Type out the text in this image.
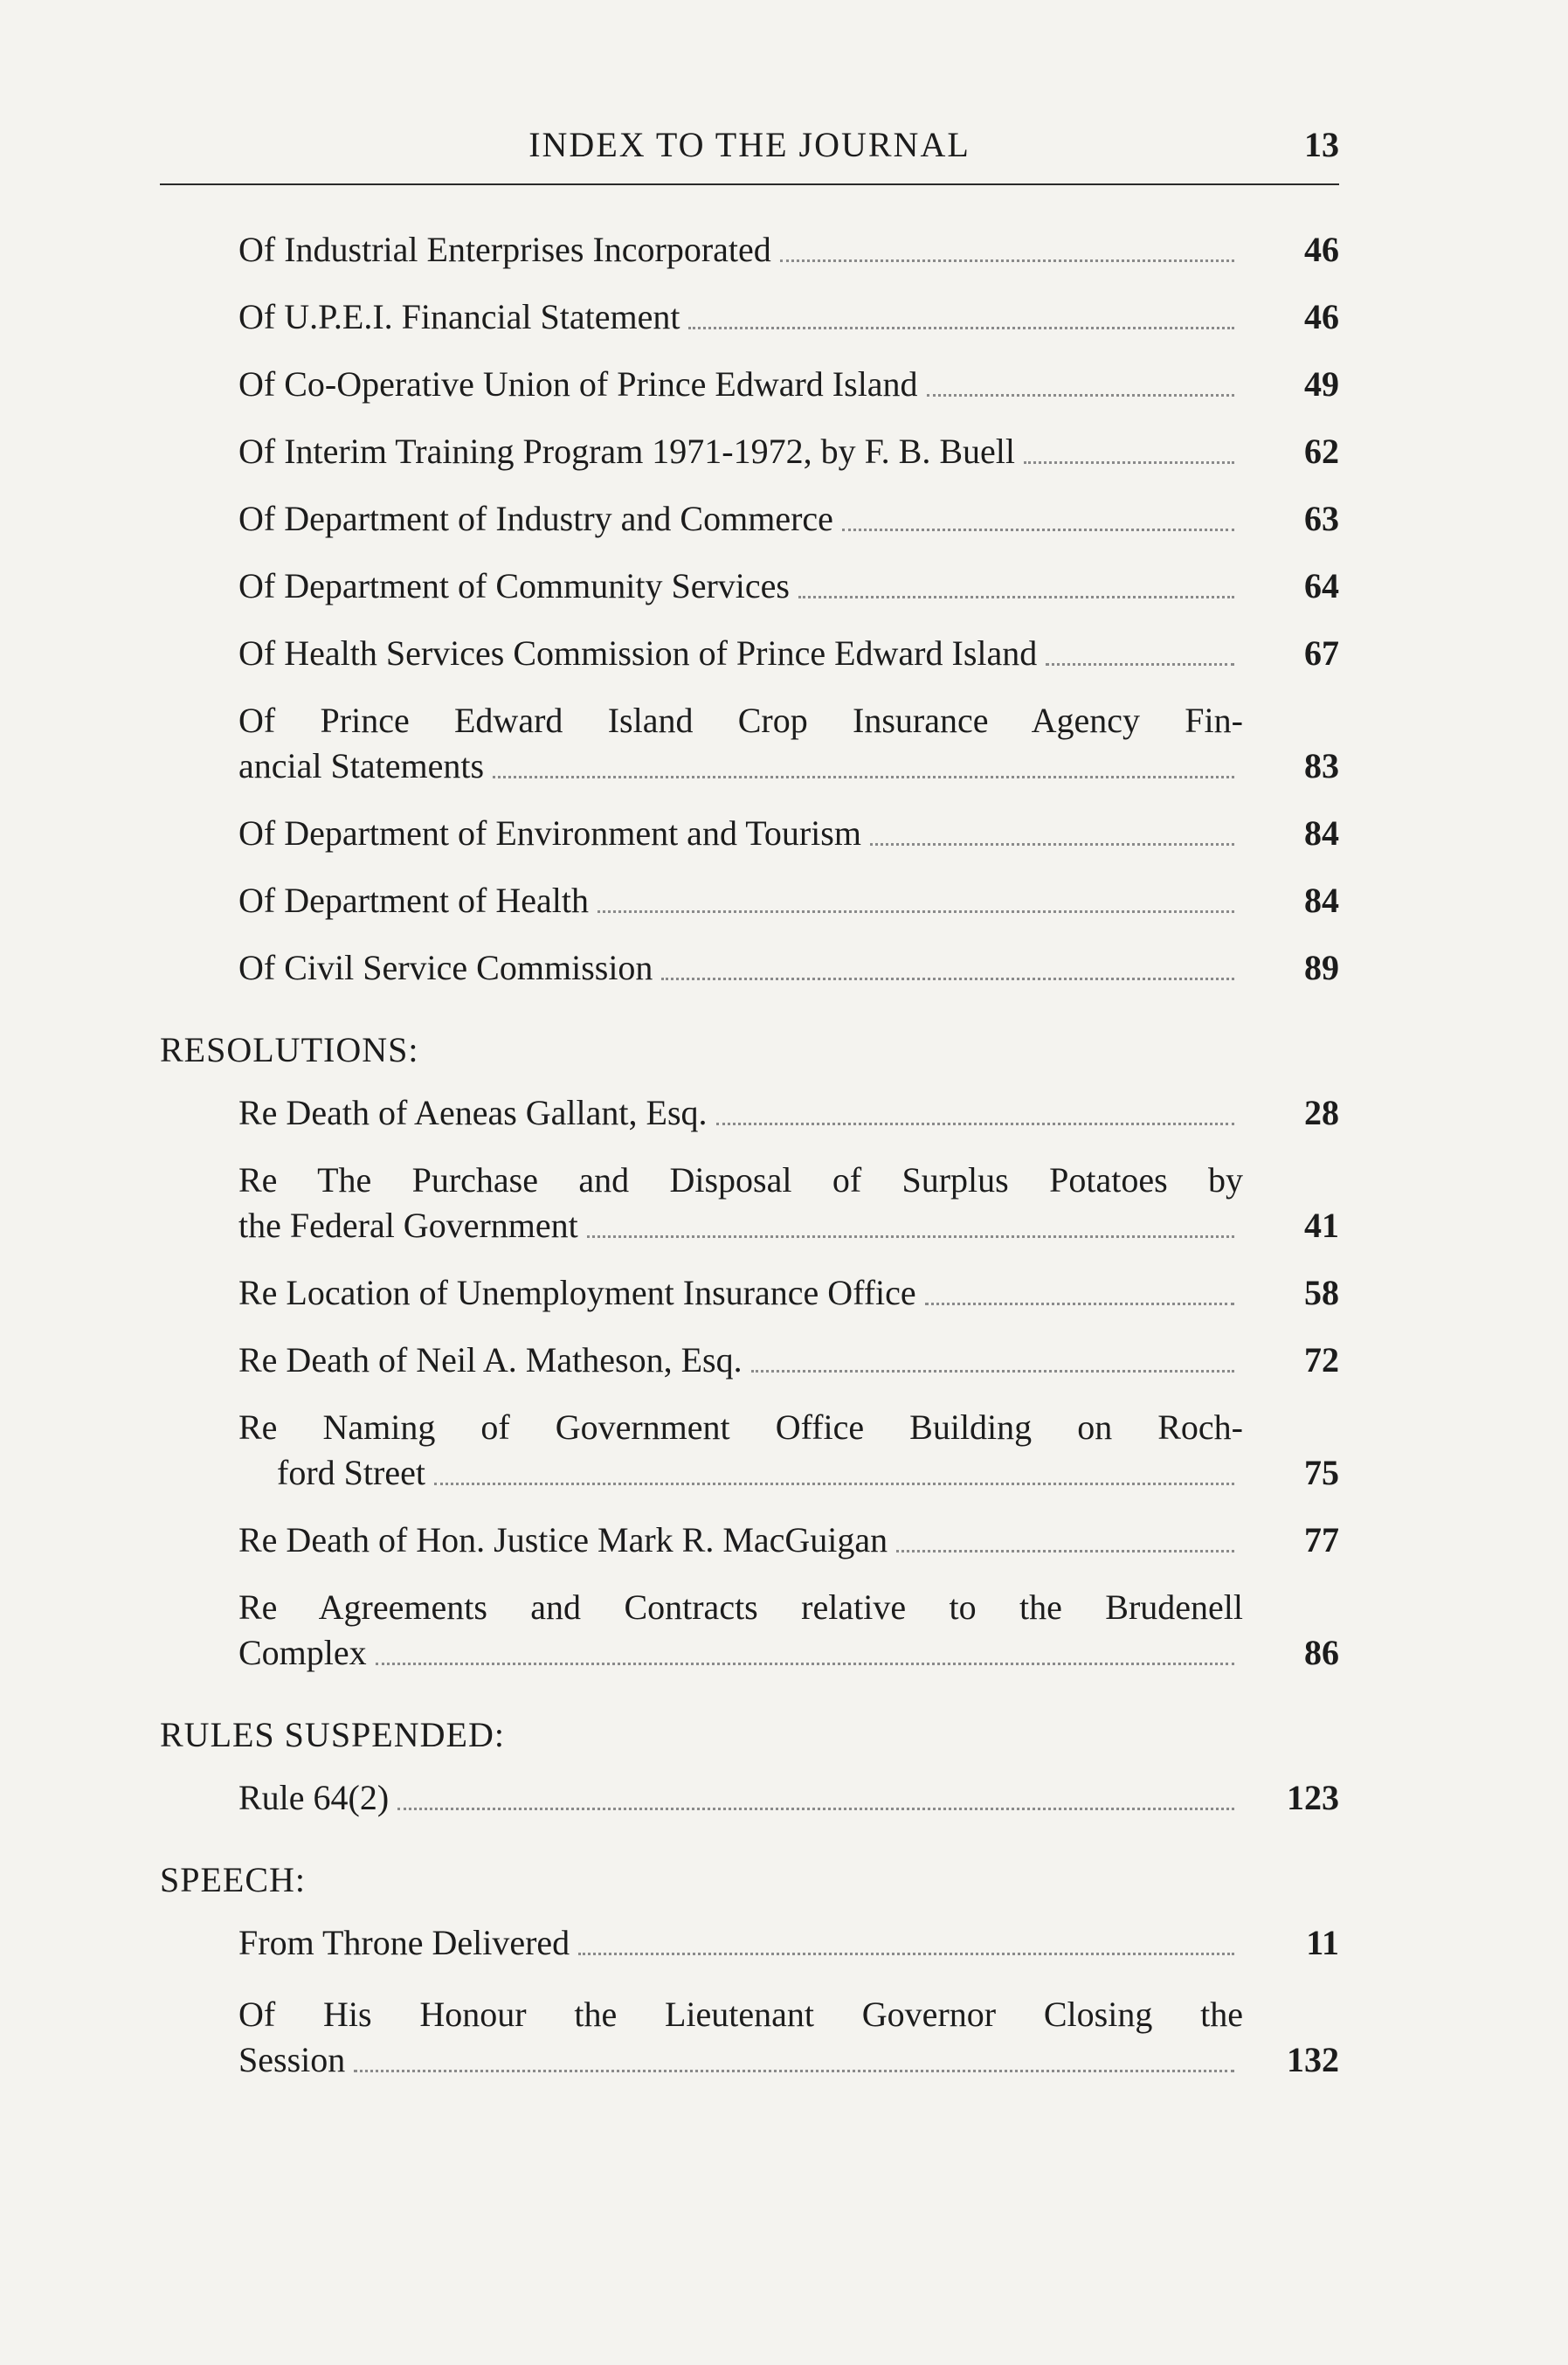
INDEX TO THE JOURNAL	13
Of Industrial Enterprises Incorporated	46
Of U.P.E.I. Financial Statement	46
Of Co-Operative Union of Prince Edward Island	49
Of Interim Training Program 1971-1972, by F. B. Buell	62
Of Department of Industry and Commerce	63
Of Department of Community Services	64
Of Health Services Commission of Prince Edward Island	67
Of Prince Edward Island Crop Insurance Agency Fin-
ancial Statements	83
Of Department of Environment and Tourism	84
Of Department of Health	84
Of Civil Service Commission	89
RESOLUTIONS:
Re Death of Aeneas Gallant, Esq.	28
Re The Purchase and Disposal of Surplus Potatoes by
the Federal Government	41
Re Location of Unemployment Insurance Office	58
Re Death of Neil A. Matheson, Esq.	72
Re Naming of Government Office Building on Roch-
ford Street	75
Re Death of Hon. Justice Mark R. MacGuigan	77
Re Agreements and Contracts relative to the Brudenell
Complex	86
RULES SUSPENDED:
Rule 64(2)	123
SPEECH:
From Throne Delivered	11
Of His Honour the Lieutenant Governor Closing the
Session	132
